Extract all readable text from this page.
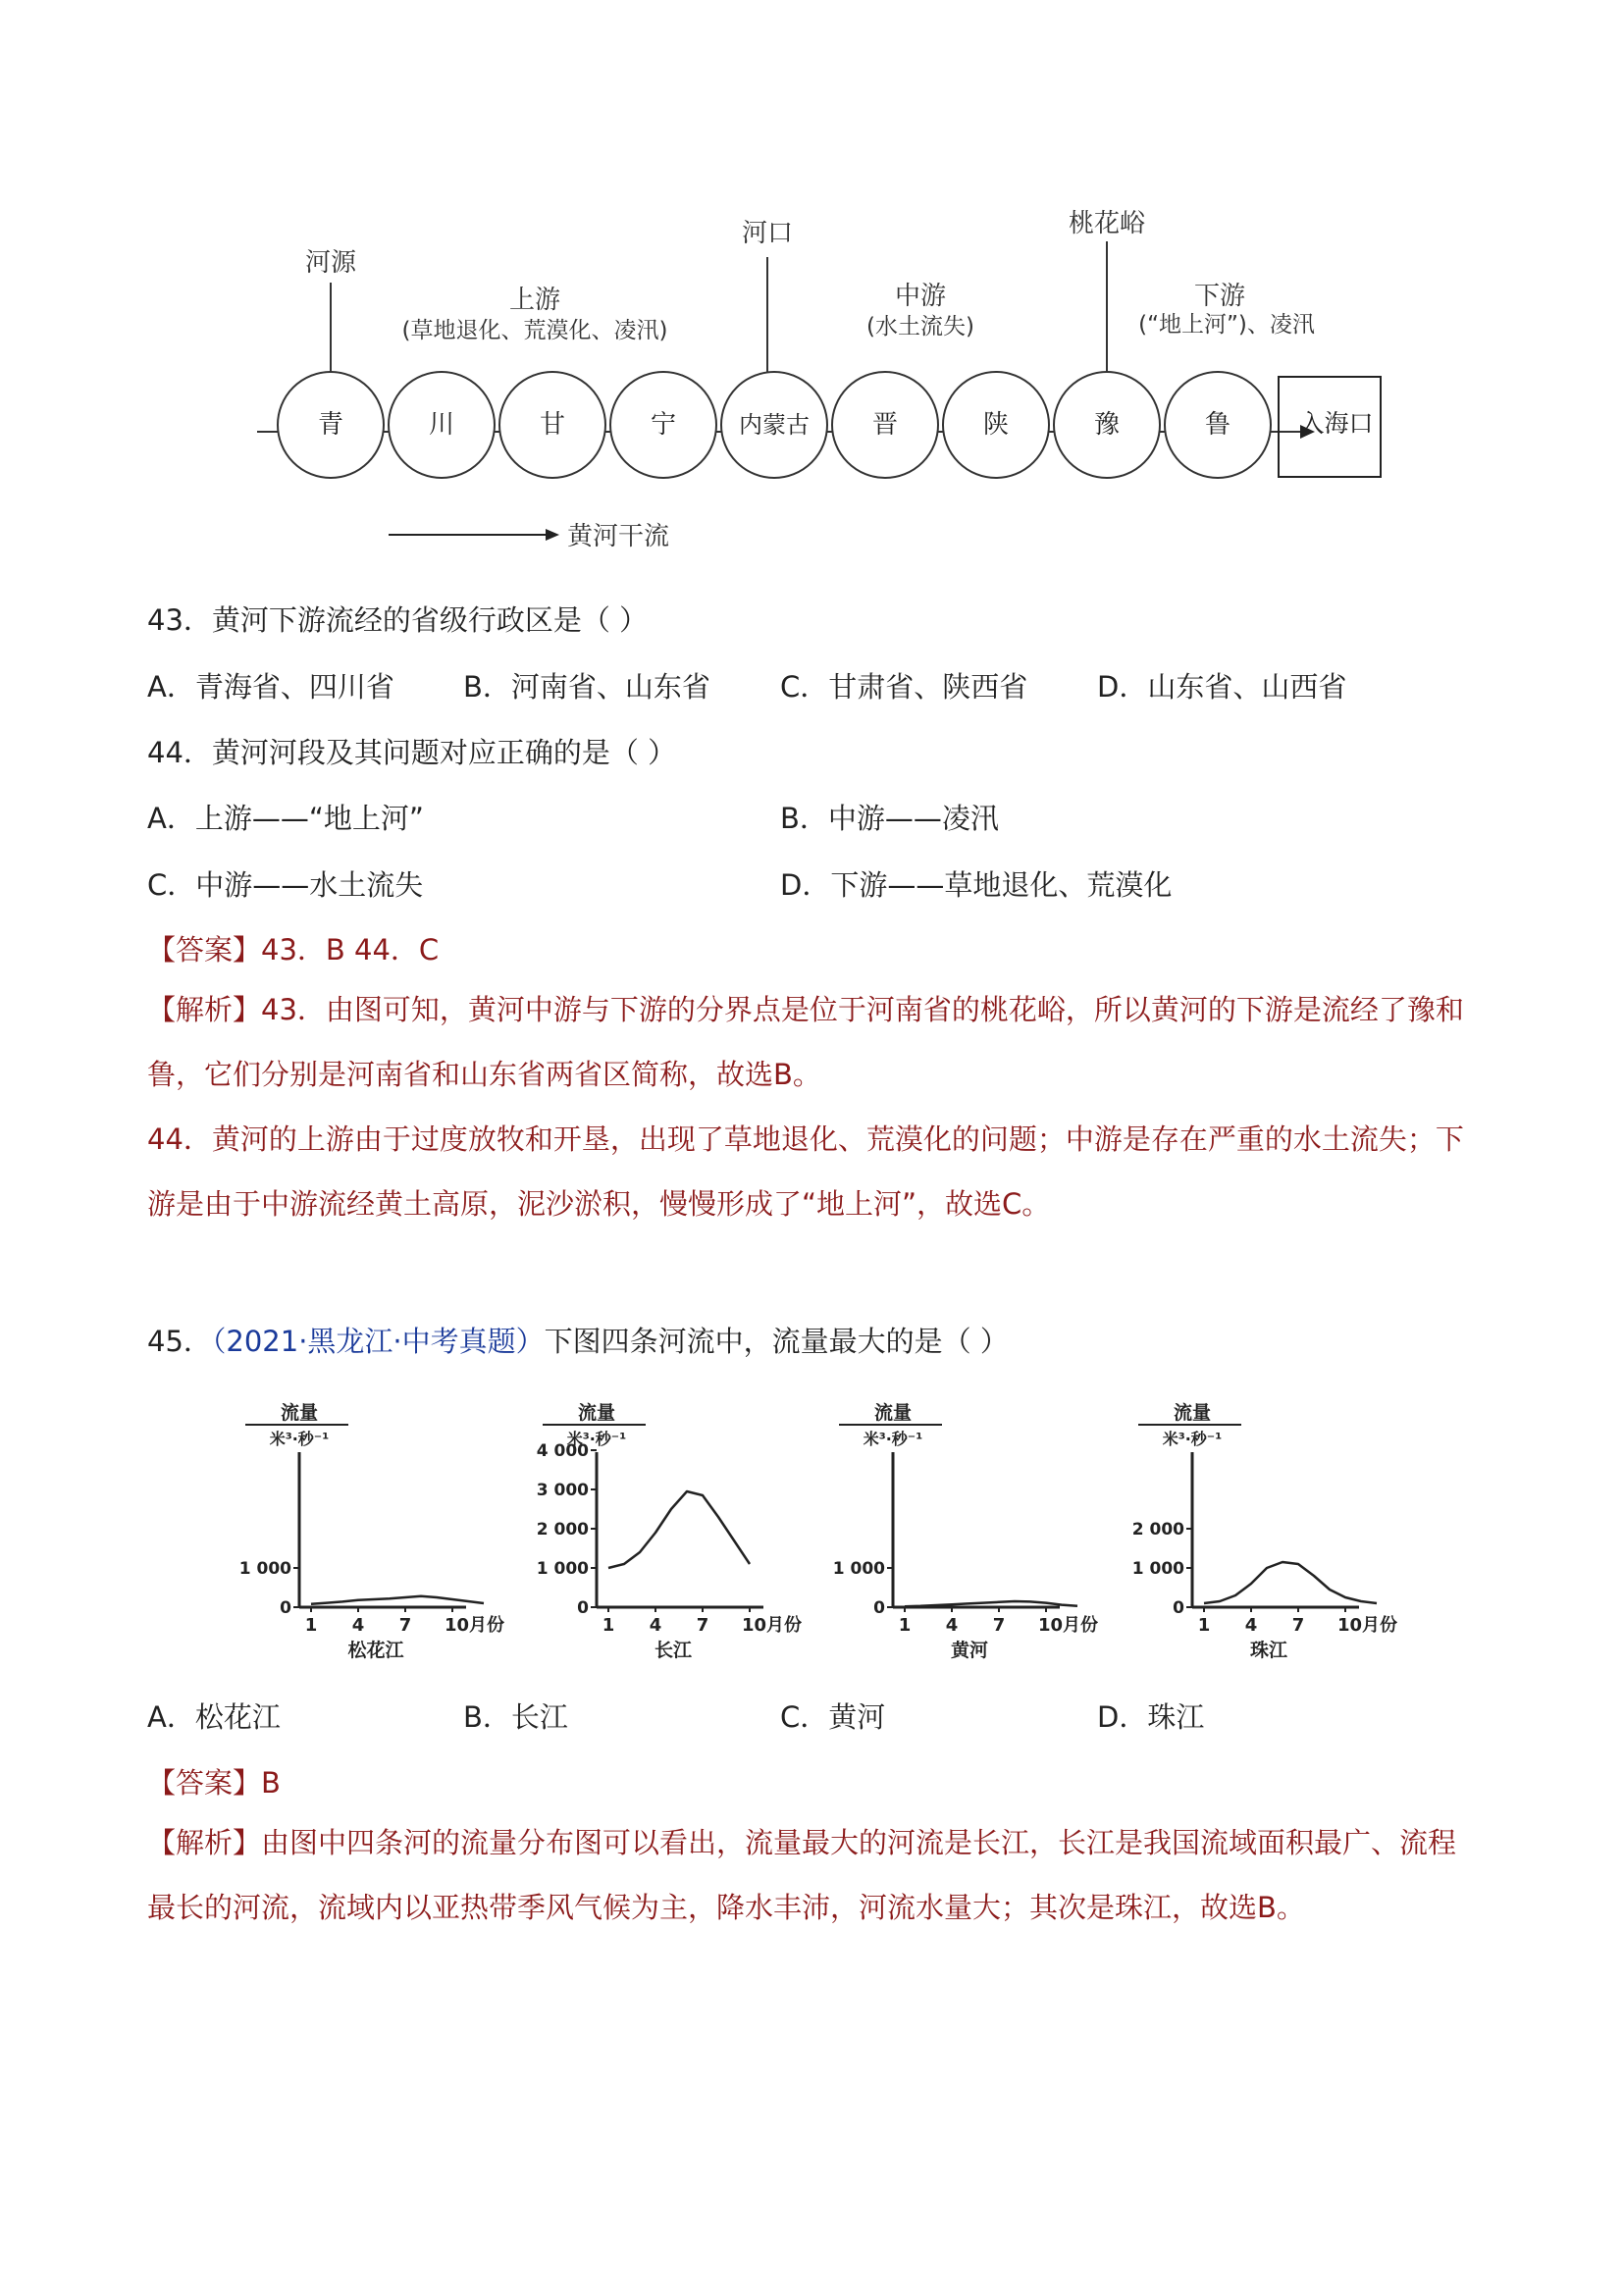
河源
上游
(草地退化、荒漠化、凌汛)
河口
中游
(水土流失)
桃花峪
下游
(“地上河”)、凌汛
青	川	甘	宁	内蒙古 晋	陕	豫	鲁	入海口
黄河干流
43．黄河下游流经的省级行政区是（ ）
A．青海省、四川省 B．河南省、山东省 C．甘肃省、陕西省 D．山东省、山西省
44．黄河河段及其问题对应正确的是（ ）
A．上游——“地上河”	B．中游——凌汛
C．中游——水土流失	D．下游——草地退化、荒漠化
【答案】43．B 44．C
【解析】43．由图可知，黄河中游与下游的分界点是位于河南省的桃花峪，所以黄河的下游是流经了豫和鲁，它们分别是河南省和山东省两省区简称，故选B。
44．黄河的上游由于过度放牧和开垦，出现了草地退化、荒漠化的问题；中游是存在严重的水土流失；下游是由于中游流经黄土高原，泥沙淤积，慢慢形成了“地上河”，故选C。
45．（2021·黑龙江·中考真题）下图四条河流中，流量最大的是（ ）
流量
米³·秒⁻¹
1 000
0
1 4 7 10月份
松花江
流量
米³·秒⁻¹
4 000
3 000
2 000
1 000
0
1 4 7 10月份
长江
流量
米³·秒⁻¹
1 000
0
1 4 7 10月份
黄河
流量
米³·秒⁻¹
2 000
1 000
0
1 4 7 10月份
珠江
A．松花江	B．长江	C．黄河	D．珠江
【答案】B
【解析】由图中四条河的流量分布图可以看出，流量最大的河流是长江，长江是我国流域面积最广、流程最长的河流，流域内以亚热带季风气候为主，降水丰沛，河流水量大；其次是珠江，故选B。
